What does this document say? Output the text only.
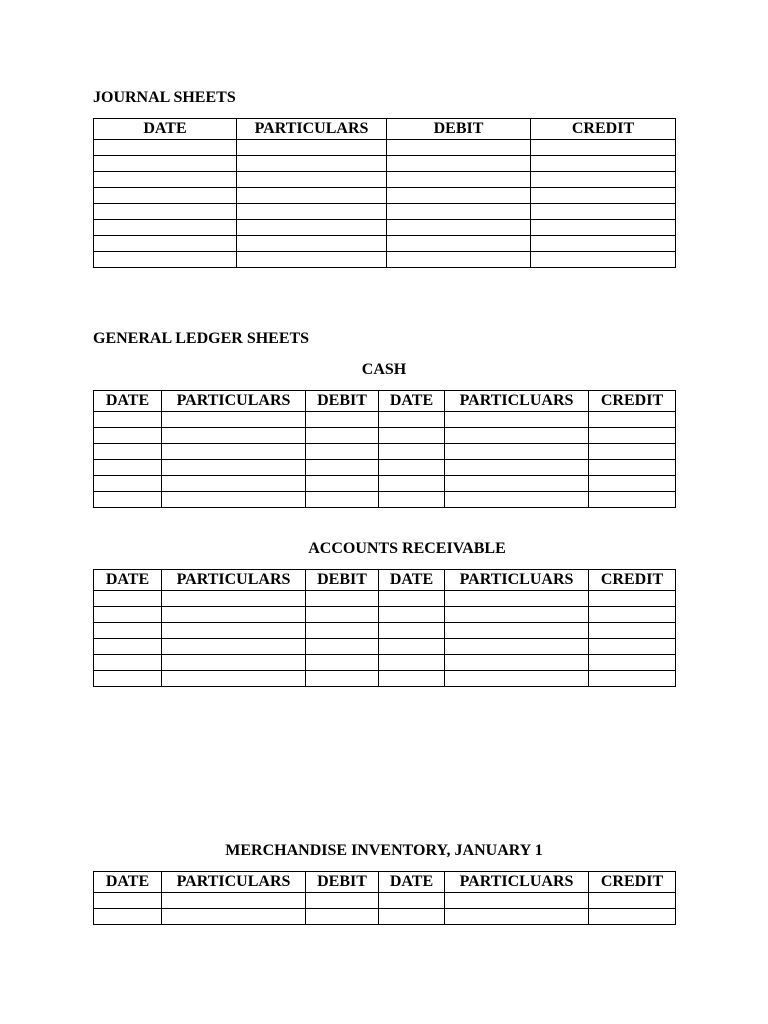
JOURNAL SHEETS
DATE	PARTICULARS	DEBIT	CREDIT

GENERAL LEDGER SHEETS
CASH
DATE	PARTICULARS	DEBIT	DATE	PARTICLUARS	CREDIT

ACCOUNTS RECEIVABLE
DATE	PARTICULARS	DEBIT	DATE	PARTICLUARS	CREDIT

MERCHANDISE INVENTORY, JANUARY 1
DATE	PARTICULARS	DEBIT	DATE	PARTICLUARS	CREDIT
